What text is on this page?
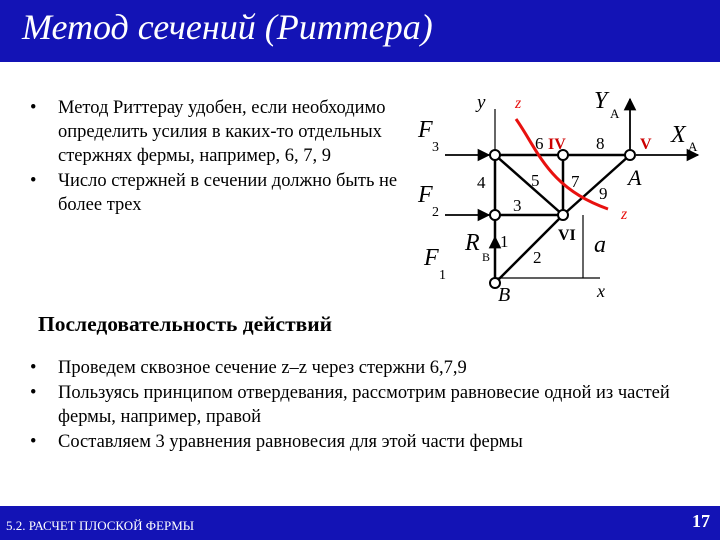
Метод сечений (Риттера)
• Метод Риттерау удобен, если необходимо определить усилия в каких-то отдельных стержнях фермы, например, 6, 7, 9
• Число стержней в сечении должно быть не более трех
y z
F
3
F
2
F
1
Y A
X A
A
6 IV 8 V
4	5 7
9
z
3
VI a
R
B
1
2
B	x
Последовательность действий
• Проведем сквозное сечение z–z через стержни 6,7,9
• Пользуясь принципом отвердевания, рассмотрим равновесие одной из частей фермы, например, правой
• Составляем 3 уравнения равновесия для этой части фермы
5.2. РАСЧЕТ ПЛОСКОЙ ФЕРМЫ	17
